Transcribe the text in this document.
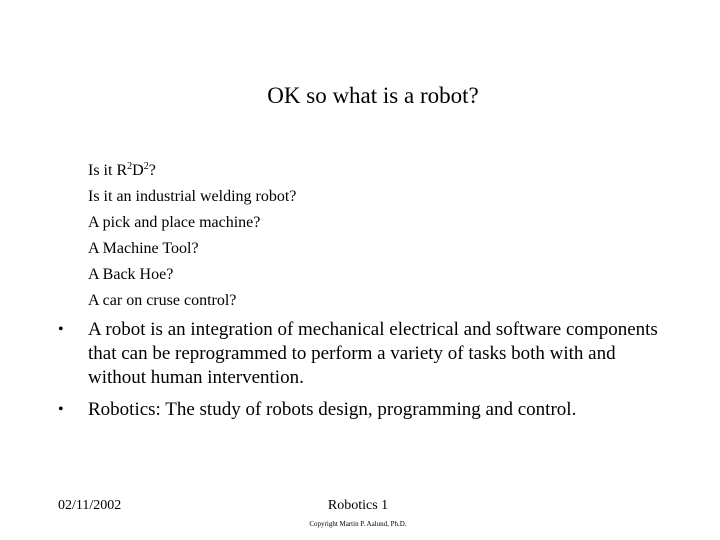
OK so what is a robot?
Is it $R^2D^2$?
Is it an industrial welding robot?
A pick and place machine?
A Machine Tool?
A Back Hoe?
A car on cruse control?
• A robot is an integration of mechanical electrical and software components that can be reprogrammed to perform a variety of tasks both with and without human intervention.
• Robotics: The study of robots design, programming and control.
02/11/2002	Robotics 1
Copyright Martin P. Aalund, Ph.D.
